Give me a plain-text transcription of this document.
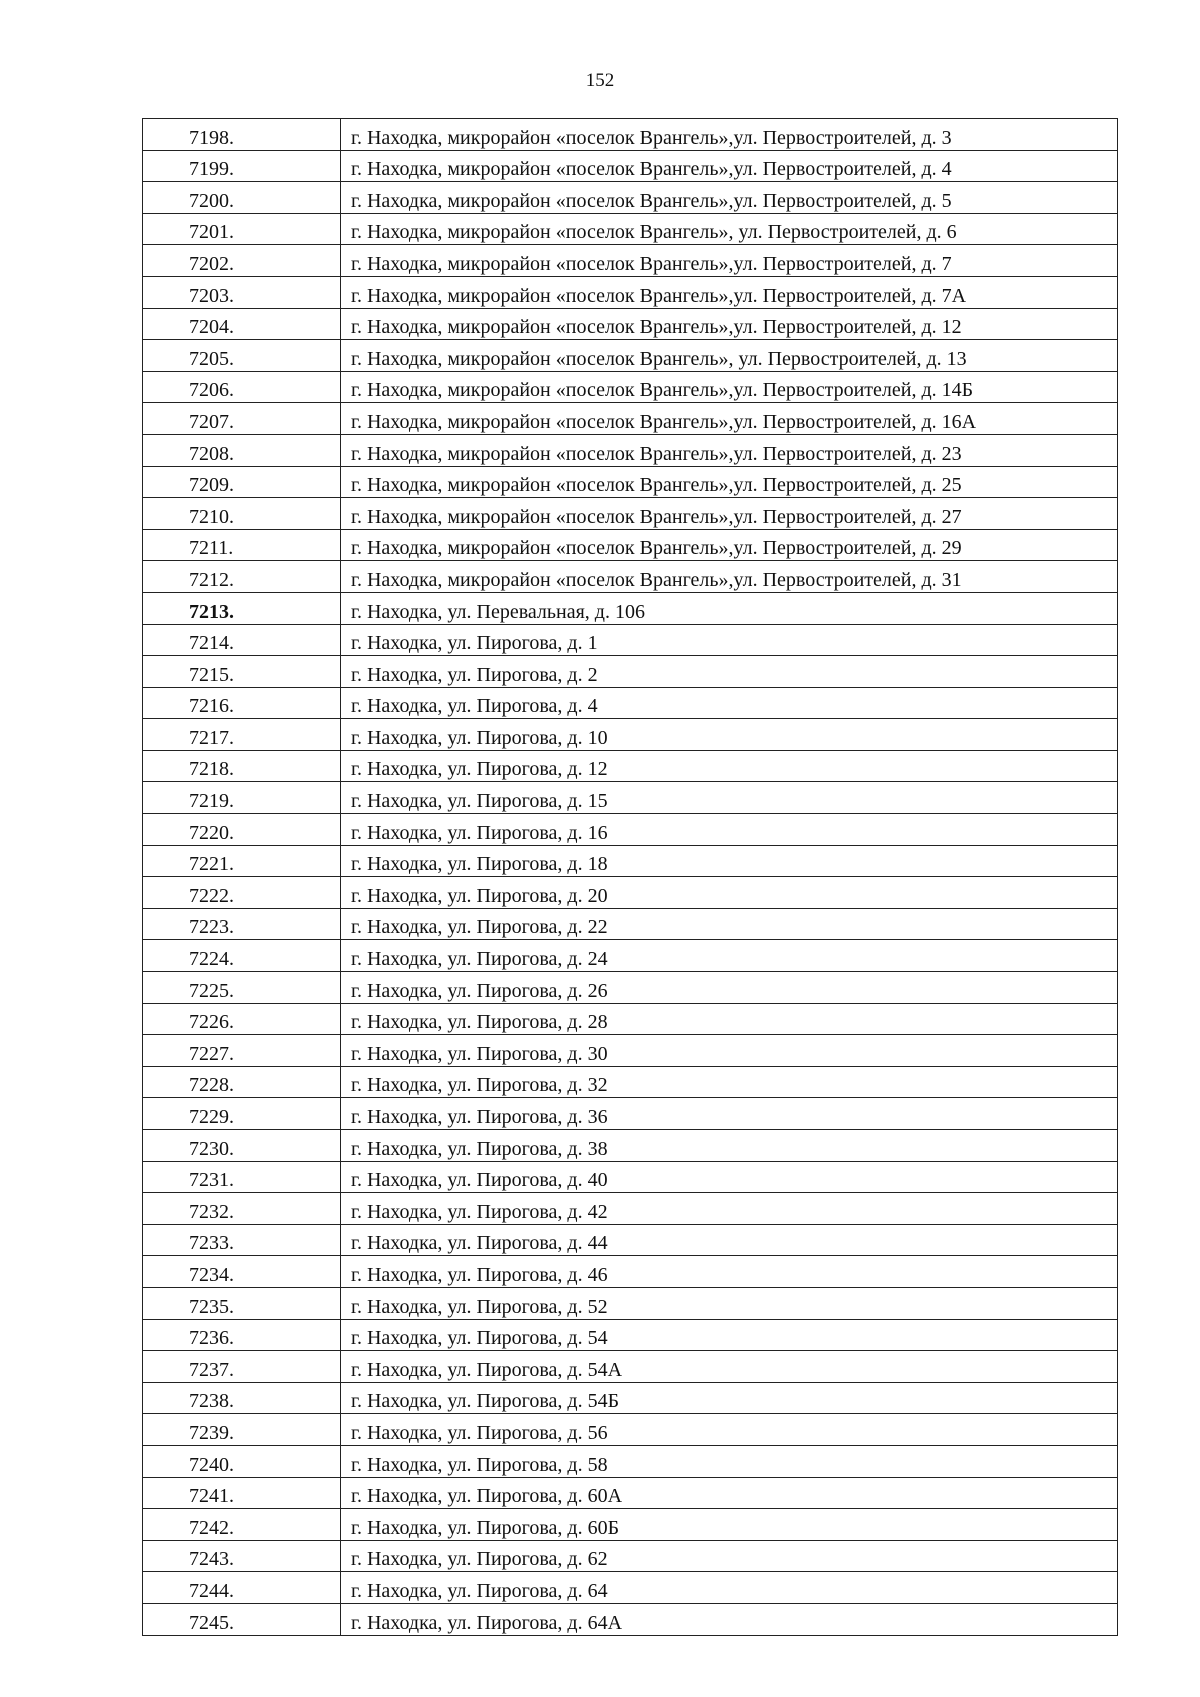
152
7198.	г. Находка, микрорайон «поселок Врангель»,ул. Первостроителей, д. 3
7199.	г. Находка, микрорайон «поселок Врангель»,ул. Первостроителей, д. 4
7200.	г. Находка, микрорайон «поселок Врангель»,ул. Первостроителей, д. 5
7201.	г. Находка, микрорайон «поселок Врангель», ул. Первостроителей, д. 6
7202.	г. Находка, микрорайон «поселок Врангель»,ул. Первостроителей, д. 7
7203.	г. Находка, микрорайон «поселок Врангель»,ул. Первостроителей, д. 7А
7204.	г. Находка, микрорайон «поселок Врангель»,ул. Первостроителей, д. 12
7205.	г. Находка, микрорайон «поселок Врангель», ул. Первостроителей, д. 13
7206.	г. Находка, микрорайон «поселок Врангель»,ул. Первостроителей, д. 14Б
7207.	г. Находка, микрорайон «поселок Врангель»,ул. Первостроителей, д. 16А
7208.	г. Находка, микрорайон «поселок Врангель»,ул. Первостроителей, д. 23
7209.	г. Находка, микрорайон «поселок Врангель»,ул. Первостроителей, д. 25
7210.	г. Находка, микрорайон «поселок Врангель»,ул. Первостроителей, д. 27
7211.	г. Находка, микрорайон «поселок Врангель»,ул. Первостроителей, д. 29
7212.	г. Находка, микрорайон «поселок Врангель»,ул. Первостроителей, д. 31
7213.	г. Находка, ул. Перевальная, д. 106
7214.	г. Находка, ул. Пирогова, д. 1
7215.	г. Находка, ул. Пирогова, д. 2
7216.	г. Находка, ул. Пирогова, д. 4
7217.	г. Находка, ул. Пирогова, д. 10
7218.	г. Находка, ул. Пирогова, д. 12
7219.	г. Находка, ул. Пирогова, д. 15
7220.	г. Находка, ул. Пирогова, д. 16
7221.	г. Находка, ул. Пирогова, д. 18
7222.	г. Находка, ул. Пирогова, д. 20
7223.	г. Находка, ул. Пирогова, д. 22
7224.	г. Находка, ул. Пирогова, д. 24
7225.	г. Находка, ул. Пирогова, д. 26
7226.	г. Находка, ул. Пирогова, д. 28
7227.	г. Находка, ул. Пирогова, д. 30
7228.	г. Находка, ул. Пирогова, д. 32
7229.	г. Находка, ул. Пирогова, д. 36
7230.	г. Находка, ул. Пирогова, д. 38
7231.	г. Находка, ул. Пирогова, д. 40
7232.	г. Находка, ул. Пирогова, д. 42
7233.	г. Находка, ул. Пирогова, д. 44
7234.	г. Находка, ул. Пирогова, д. 46
7235.	г. Находка, ул. Пирогова, д. 52
7236.	г. Находка, ул. Пирогова, д. 54
7237.	г. Находка, ул. Пирогова, д. 54А
7238.	г. Находка, ул. Пирогова, д. 54Б
7239.	г. Находка, ул. Пирогова, д. 56
7240.	г. Находка, ул. Пирогова, д. 58
7241.	г. Находка, ул. Пирогова, д. 60А
7242.	г. Находка, ул. Пирогова, д. 60Б
7243.	г. Находка, ул. Пирогова, д. 62
7244.	г. Находка, ул. Пирогова, д. 64
7245.	г. Находка, ул. Пирогова, д. 64А
